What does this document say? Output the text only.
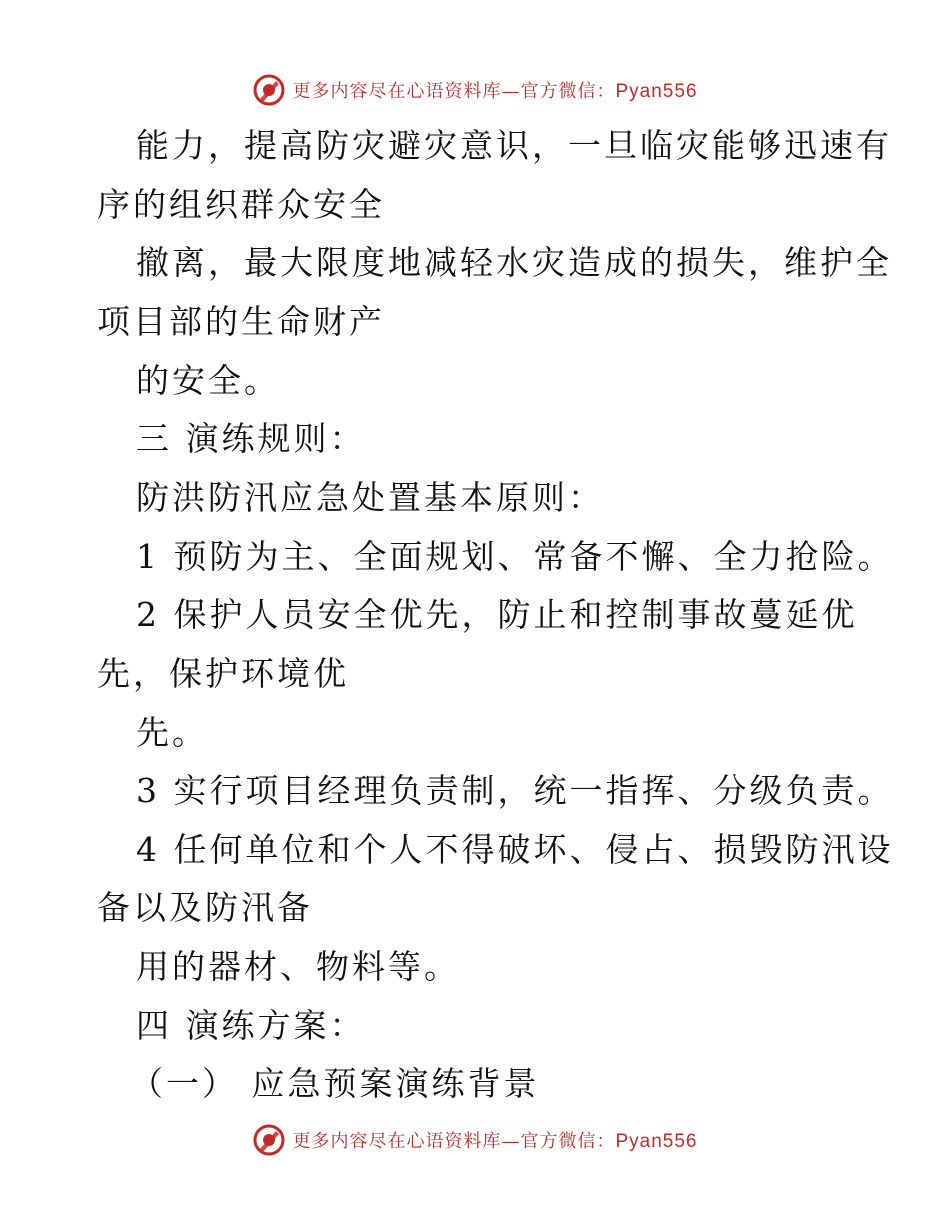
更多内容尽在心语资料库—官方微信：Pyan556
能力，提高防灾避灾意识，一旦临灾能够迅速有
序的组织群众安全
撤离，最大限度地减轻水灾造成的损失，维护全
项目部的生命财产
的安全。
三 演练规则：
防洪防汛应急处置基本原则：
1 预防为主、全面规划、常备不懈、全力抢险。
2 保护人员安全优先，防止和控制事故蔓延优
先，保护环境优
先。
3 实行项目经理负责制，统一指挥、分级负责。
4 任何单位和个人不得破坏、侵占、损毁防汛设
备以及防汛备
用的器材、物料等。
四 演练方案：
（一） 应急预案演练背景
更多内容尽在心语资料库—官方微信：Pyan556
